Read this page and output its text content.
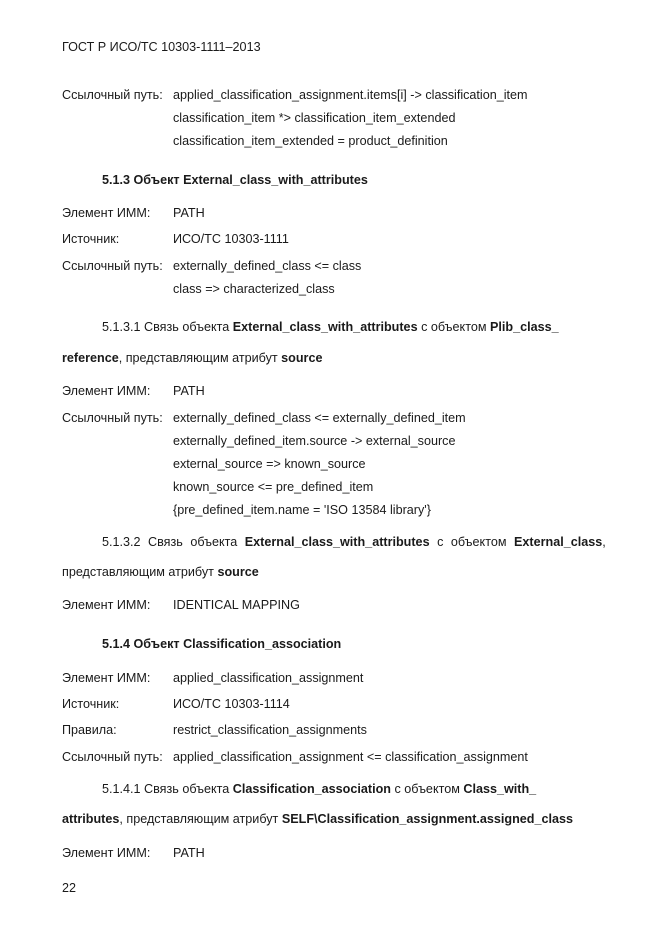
ГОСТ Р ИСО/ТС 10303-1111–2013
Ссылочный путь: applied_classification_assignment.items[i] -> classification_item
classification_item *> classification_item_extended
classification_item_extended = product_definition
5.1.3 Объект External_class_with_attributes
Элемент ИММ: PATH
Источник:	ИСО/ТС 10303-1111
Ссылочный путь: externally_defined_class <= class
class => characterized_class
5.1.3.1 Связь объекта External_class_with_attributes с объектом Plib_class_
reference, представляющим атрибут source
Элемент ИММ: PATH
Ссылочный путь: externally_defined_class <= externally_defined_item
externally_defined_item.source -> external_source
external_source => known_source
known_source <= pre_defined_item
{pre_defined_item.name = 'ISO 13584 library'}
5.1.3.2 Связь объекта External_class_with_attributes с объектом External_class,
представляющим атрибут source
Элемент ИММ: IDENTICAL MAPPING
5.1.4 Объект Classification_association
Элемент ИММ: applied_classification_assignment
Источник:	ИСО/ТС 10303-1114
Правила:	restrict_classification_assignments
Ссылочный путь: applied_classification_assignment <= classification_assignment
5.1.4.1 Связь объекта Classification_association с объектом Class_with_
attributes, представляющим атрибут SELF\Classification_assignment.assigned_class
Элемент ИММ: PATH
22
